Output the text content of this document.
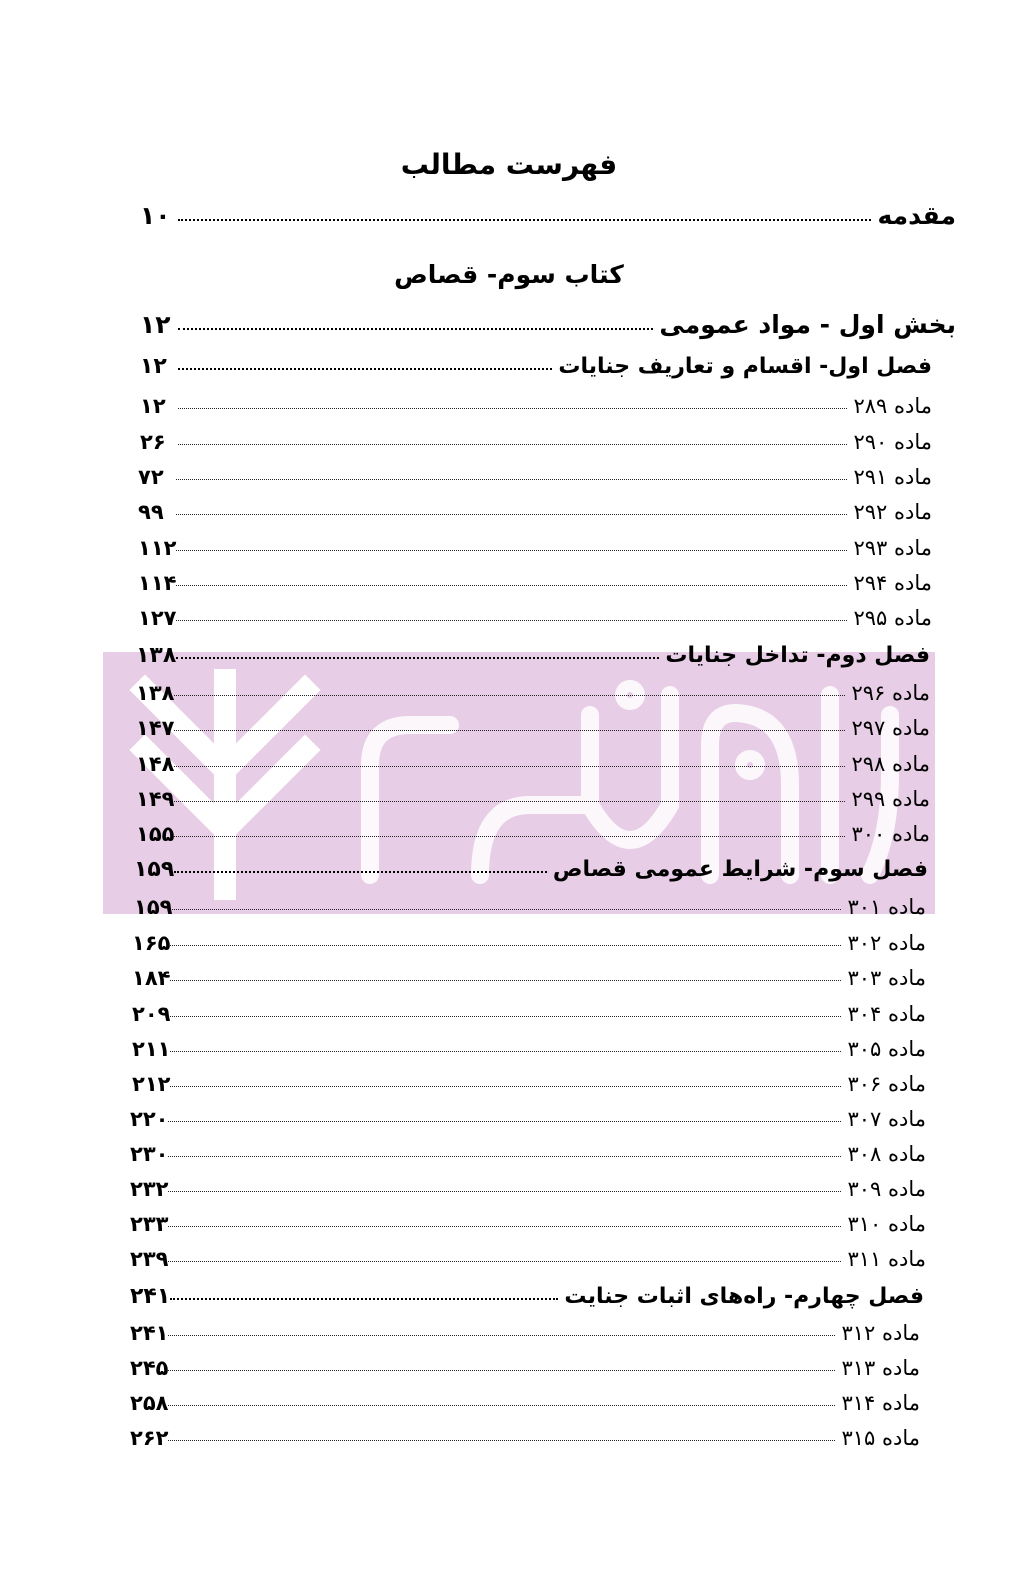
فهرست مطالب
کتاب سوم- قصاص
مقدمه
۱۰
بخش اول - مواد عمومی
۱۲
فصل اول- اقسام و تعاریف جنایات
۱۲
ماده ۲۸۹
۱۲
ماده ۲۹۰
۲۶
ماده ۲۹۱
۷۲
ماده ۲۹۲
۹۹
ماده ۲۹۳
۱۱۲
ماده ۲۹۴
۱۱۴
ماده ۲۹۵
۱۲۷
فصل دوم- تداخل جنایات
۱۳۸
ماده ۲۹۶
۱۳۸
ماده ۲۹۷
۱۴۷
ماده ۲۹۸
۱۴۸
ماده ۲۹۹
۱۴۹
ماده ۳۰۰
۱۵۵
فصل سوم- شرایط عمومی قصاص
۱۵۹
ماده ۳۰۱
۱۵۹
ماده ۳۰۲
۱۶۵
ماده ۳۰۳
۱۸۴
ماده ۳۰۴
۲۰۹
ماده ۳۰۵
۲۱۱
ماده ۳۰۶
۲۱۲
ماده ۳۰۷
۲۲۰
ماده ۳۰۸
۲۳۰
ماده ۳۰۹
۲۳۲
ماده ۳۱۰
۲۳۳
ماده ۳۱۱
۲۳۹
فصل چهارم- راه‌های اثبات جنایت
۲۴۱
ماده ۳۱۲
۲۴۱
ماده ۳۱۳
۲۴۵
ماده ۳۱۴
۲۵۸
ماده ۳۱۵
۲۶۲
